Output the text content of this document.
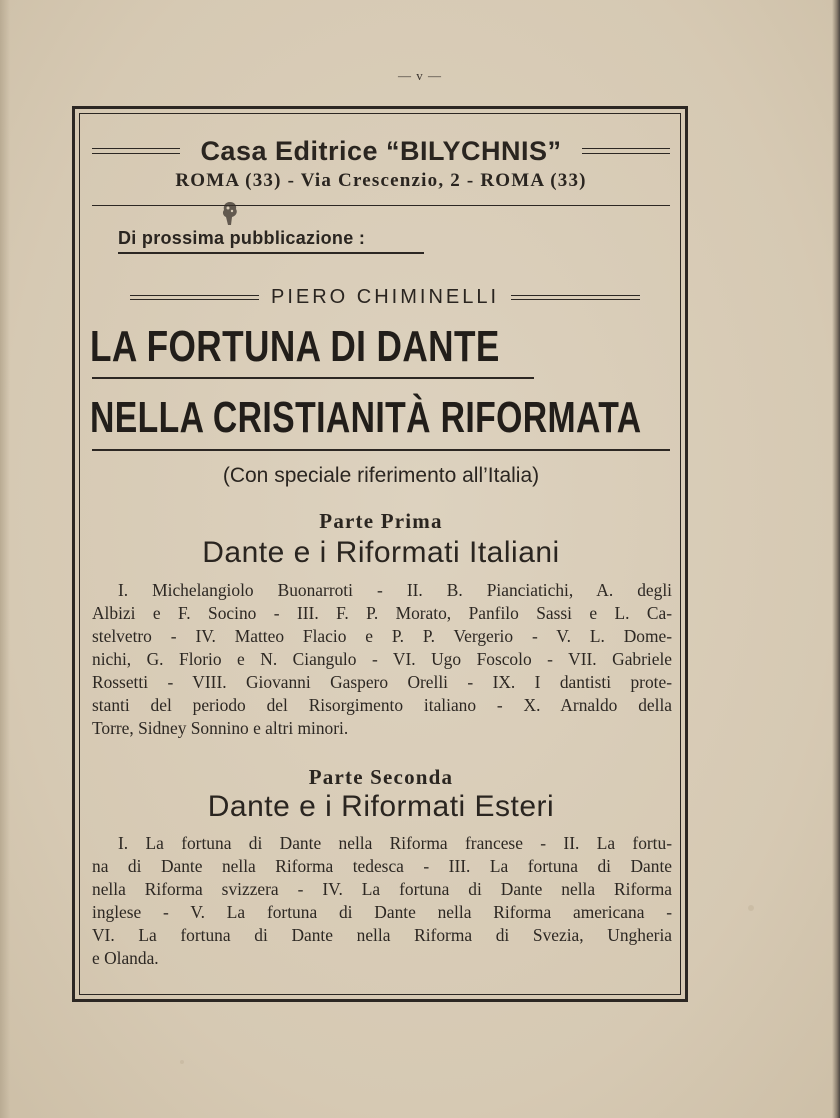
— v —
Casa Editrice “BILYCHNIS”
ROMA (33) - Via Crescenzio, 2 - ROMA (33)
Di prossima pubblicazione :
PIERO CHIMINELLI
LA FORTUNA DI DANTE
NELLA CRISTIANITÀ RIFORMATA
(Con speciale riferimento all’Italia)
Parte Prima
Dante e i Riformati Italiani
I. Michelangiolo Buonarroti - II. B. Pianciatichi, A. degli
Albizi e F. Socino - III. F. P. Morato, Panfilo Sassi e L. Ca-
stelvetro - IV. Matteo Flacio e P. P. Vergerio - V. L. Dome-
nichi, G. Florio e N. Ciangulo - VI. Ugo Foscolo - VII. Gabriele
Rossetti - VIII. Giovanni Gaspero Orelli - IX. I dantisti prote-
stanti del periodo del Risorgimento italiano - X. Arnaldo della
Torre, Sidney Sonnino e altri minori.
Parte Seconda
Dante e i Riformati Esteri
I. La fortuna di Dante nella Riforma francese - II. La fortu-
na di Dante nella Riforma tedesca - III. La fortuna di Dante
nella Riforma svizzera - IV. La fortuna di Dante nella Riforma
inglese - V. La fortuna di Dante nella Riforma americana -
VI. La fortuna di Dante nella Riforma di Svezia, Ungheria
e Olanda.
